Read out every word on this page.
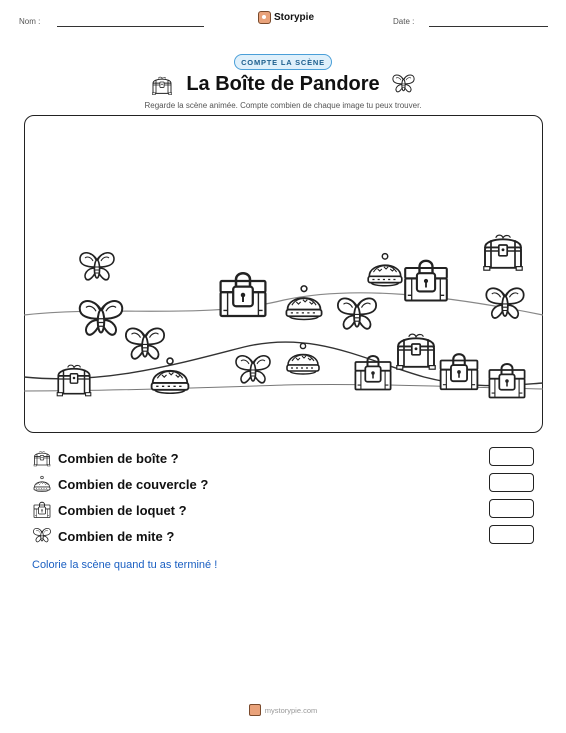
Nom :	Storypie	Date :
COMPTE LA SCÈNE
La Boîte de Pandore
Regarde la scène animée. Compte combien de chaque image tu peux trouver.
Combien de boîte ?
Combien de couvercle ?
Combien de loquet ?
Combien de mite ?
Colorie la scène quand tu as terminé !
mystorypie.com
